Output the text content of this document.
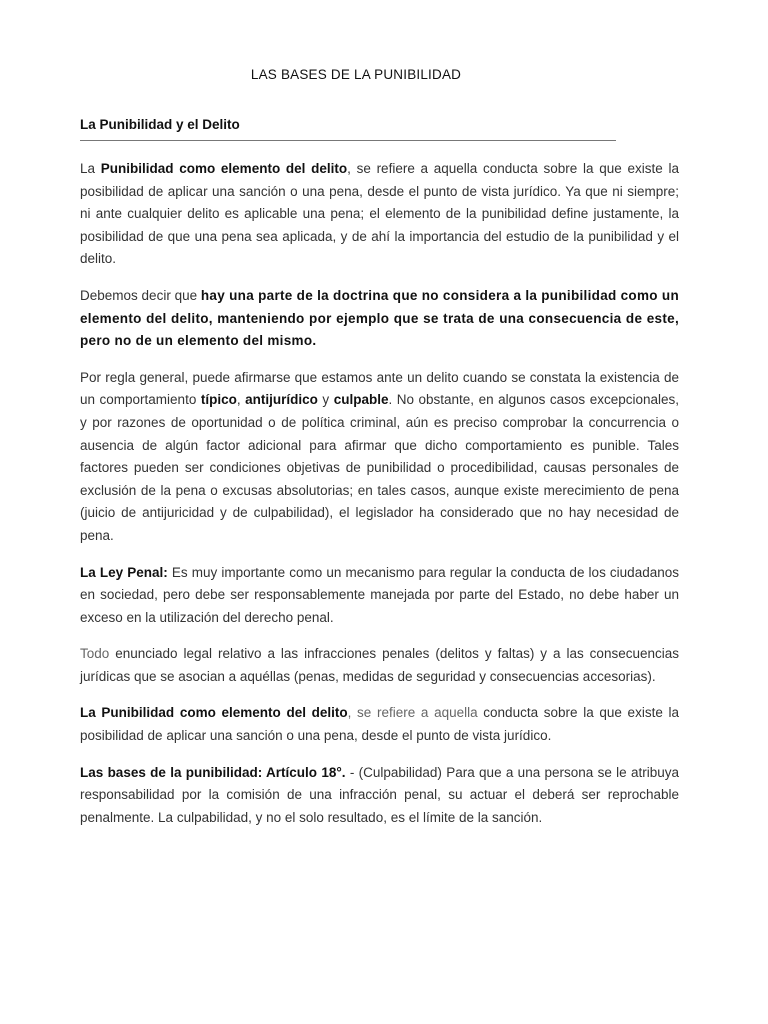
LAS BASES DE LA PUNIBILIDAD
La Punibilidad y el Delito

La Punibilidad como elemento del delito, se refiere a aquella conducta sobre la que existe la posibilidad de aplicar una sanción o una pena, desde el punto de vista jurídico. Ya que ni siempre; ni ante cualquier delito es aplicable una pena; el elemento de la punibilidad define justamente, la posibilidad de que una pena sea aplicada, y de ahí la importancia del estudio de la punibilidad y el delito.

Debemos decir que hay una parte de la doctrina que no considera a la punibilidad como un elemento del delito, manteniendo por ejemplo que se trata de una consecuencia de este, pero no de un elemento del mismo.

Por regla general, puede afirmarse que estamos ante un delito cuando se constata la existencia de un comportamiento típico, antijurídico y culpable. No obstante, en algunos casos excepcionales, y por razones de oportunidad o de política criminal, aún es preciso comprobar la concurrencia o ausencia de algún factor adicional para afirmar que dicho comportamiento es punible. Tales factores pueden ser condiciones objetivas de punibilidad o procedibilidad, causas personales de exclusión de la pena o excusas absolutorias; en tales casos, aunque existe merecimiento de pena (juicio de antijuricidad y de culpabilidad), el legislador ha considerado que no hay necesidad de pena.

La Ley Penal: Es muy importante como un mecanismo para regular la conducta de los ciudadanos en sociedad, pero debe ser responsablemente manejada por parte del Estado, no debe haber un exceso en la utilización del derecho penal.

Todo enunciado legal relativo a las infracciones penales (delitos y faltas) y a las consecuencias jurídicas que se asocian a aquéllas (penas, medidas de seguridad y consecuencias accesorias).

La Punibilidad como elemento del delito, se refiere a aquella conducta sobre la que existe la posibilidad de aplicar una sanción o una pena, desde el punto de vista jurídico.

Las bases de la punibilidad: Artículo 18°. - (Culpabilidad) Para que a una persona se le atribuya responsabilidad por la comisión de una infracción penal, su actuar el deberá ser reprochable penalmente. La culpabilidad, y no el solo resultado, es el límite de la sanción.
